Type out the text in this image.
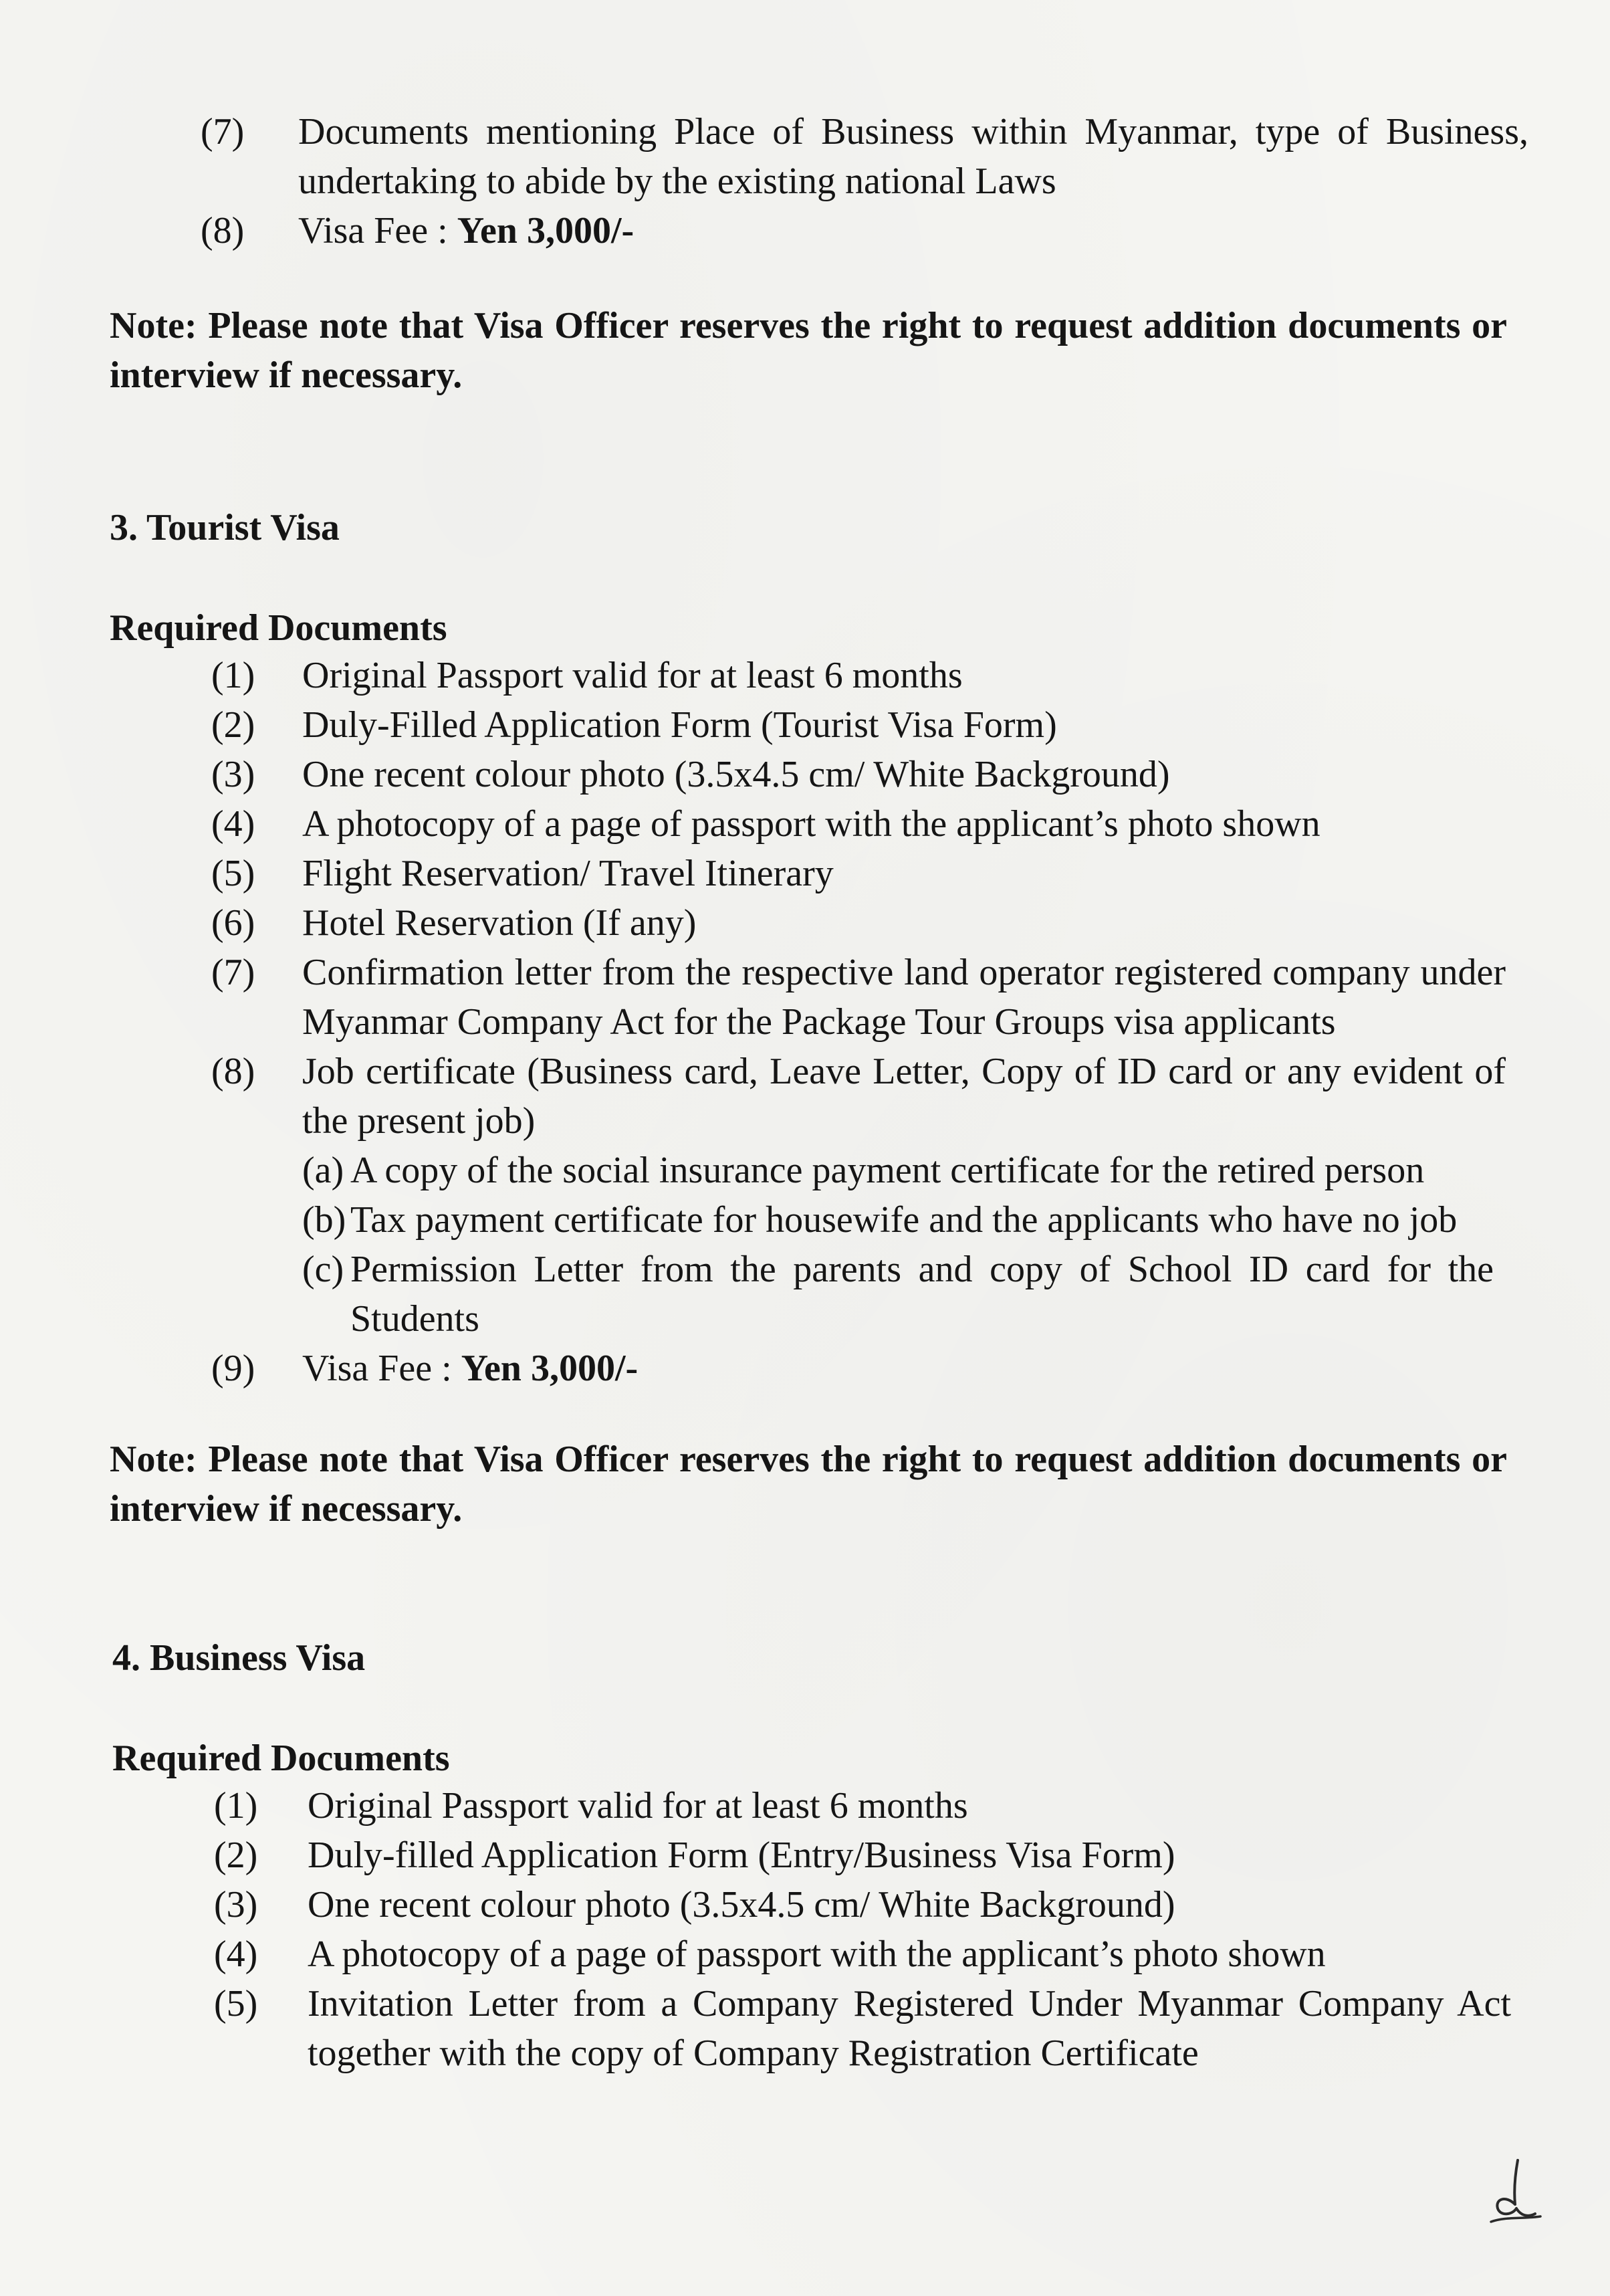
(7)	Documents mentioning Place of Business within Myanmar, type of Business, undertaking to abide by the existing national Laws
(8)	Visa Fee : Yen 3,000/-
Note: Please note that Visa Officer reserves the right to request addition documents or interview if necessary.
3. Tourist Visa
Required Documents
(1)	Original Passport valid for at least 6 months
(2)	Duly-Filled Application Form (Tourist Visa Form)
(3)	One recent colour photo (3.5x4.5 cm/ White Background)
(4)	A photocopy of a page of passport with the applicant’s photo shown
(5)	Flight Reservation/ Travel Itinerary
(6)	Hotel Reservation (If any)
(7)	Confirmation letter from the respective land operator registered company under Myanmar Company Act for the Package Tour Groups visa applicants
(8)	Job certificate (Business card, Leave Letter, Copy of ID card or any evident of the present job)
(a) A copy of the social insurance payment certificate for the retired person
(b) Tax payment certificate for housewife and the applicants who have no job
(c) Permission Letter from the parents and copy of School ID card for the Students
(9)	Visa Fee : Yen 3,000/-
Note: Please note that Visa Officer reserves the right to request addition documents or interview if necessary.
4. Business Visa
Required Documents
(1)	Original Passport valid for at least 6 months
(2)	Duly-filled Application Form (Entry/Business Visa Form)
(3)	One recent colour photo (3.5x4.5 cm/ White Background)
(4)	A photocopy of a page of passport with the applicant’s photo shown
(5)	Invitation Letter from a Company Registered Under Myanmar Company Act together with the copy of Company Registration Certificate
